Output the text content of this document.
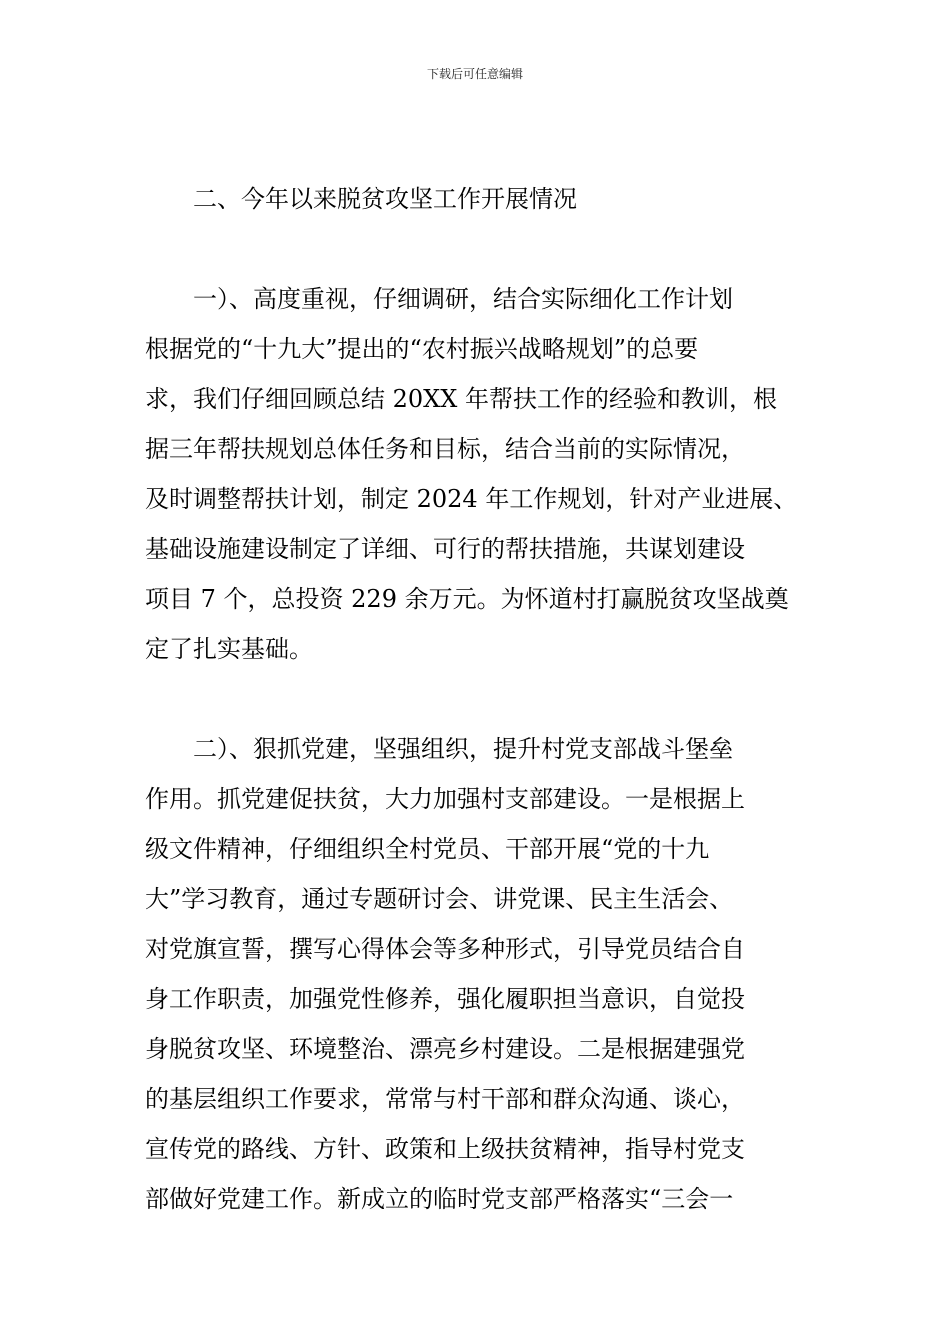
下载后可任意编辑
二、今年以来脱贫攻坚工作开展情况
一）、高度重视，仔细调研，结合实际细化工作计划
根据党的“十九大”提出的“农村振兴战略规划”的总要
求，我们仔细回顾总结 20XX 年帮扶工作的经验和教训，根
据三年帮扶规划总体任务和目标，结合当前的实际情况，
及时调整帮扶计划，制定 2024 年工作规划，针对产业进展、
基础设施建设制定了详细、可行的帮扶措施，共谋划建设
项目 7 个，总投资 229 余万元。为怀道村打赢脱贫攻坚战奠
定了扎实基础。
二）、狠抓党建，坚强组织，提升村党支部战斗堡垒
作用。抓党建促扶贫，大力加强村支部建设。一是根据上
级文件精神，仔细组织全村党员、干部开展“党的十九
大”学习教育，通过专题研讨会、讲党课、民主生活会、
对党旗宣誓，撰写心得体会等多种形式，引导党员结合自
身工作职责，加强党性修养，强化履职担当意识，自觉投
身脱贫攻坚、环境整治、漂亮乡村建设。二是根据建强党
的基层组织工作要求，常常与村干部和群众沟通、谈心，
宣传党的路线、方针、政策和上级扶贫精神，指导村党支
部做好党建工作。新成立的临时党支部严格落实“三会一
